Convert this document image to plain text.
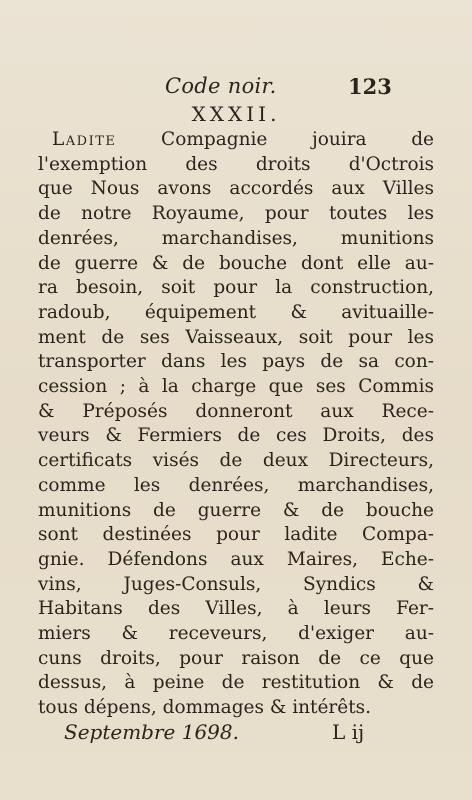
Code noir.	123
XXXII.
Ladite Compagnie jouira de
l'exemption des droits d'Octrois
que Nous avons accordés aux Villes
de notre Royaume, pour toutes les
denrées, marchandises, munitions
de guerre & de bouche dont elle au-
ra besoin, soit pour la construction,
radoub, équipement & avituaille-
ment de ses Vaisseaux, soit pour les
transporter dans les pays de sa con-
cession ; à la charge que ses Commis
& Préposés donneront aux Rece-
veurs & Fermiers de ces Droits, des
certificats visés de deux Directeurs,
comme les denrées, marchandises,
munitions de guerre & de bouche
sont destinées pour ladite Compa-
gnie. Défendons aux Maires, Eche-
vins, Juges-Consuls, Syndics &
Habitans des Villes, à leurs Fer-
miers & receveurs, d'exiger au-
cuns droits, pour raison de ce que
dessus, à peine de restitution & de
tous dépens, dommages & intérêts.
Septembre 1698.	L ij
